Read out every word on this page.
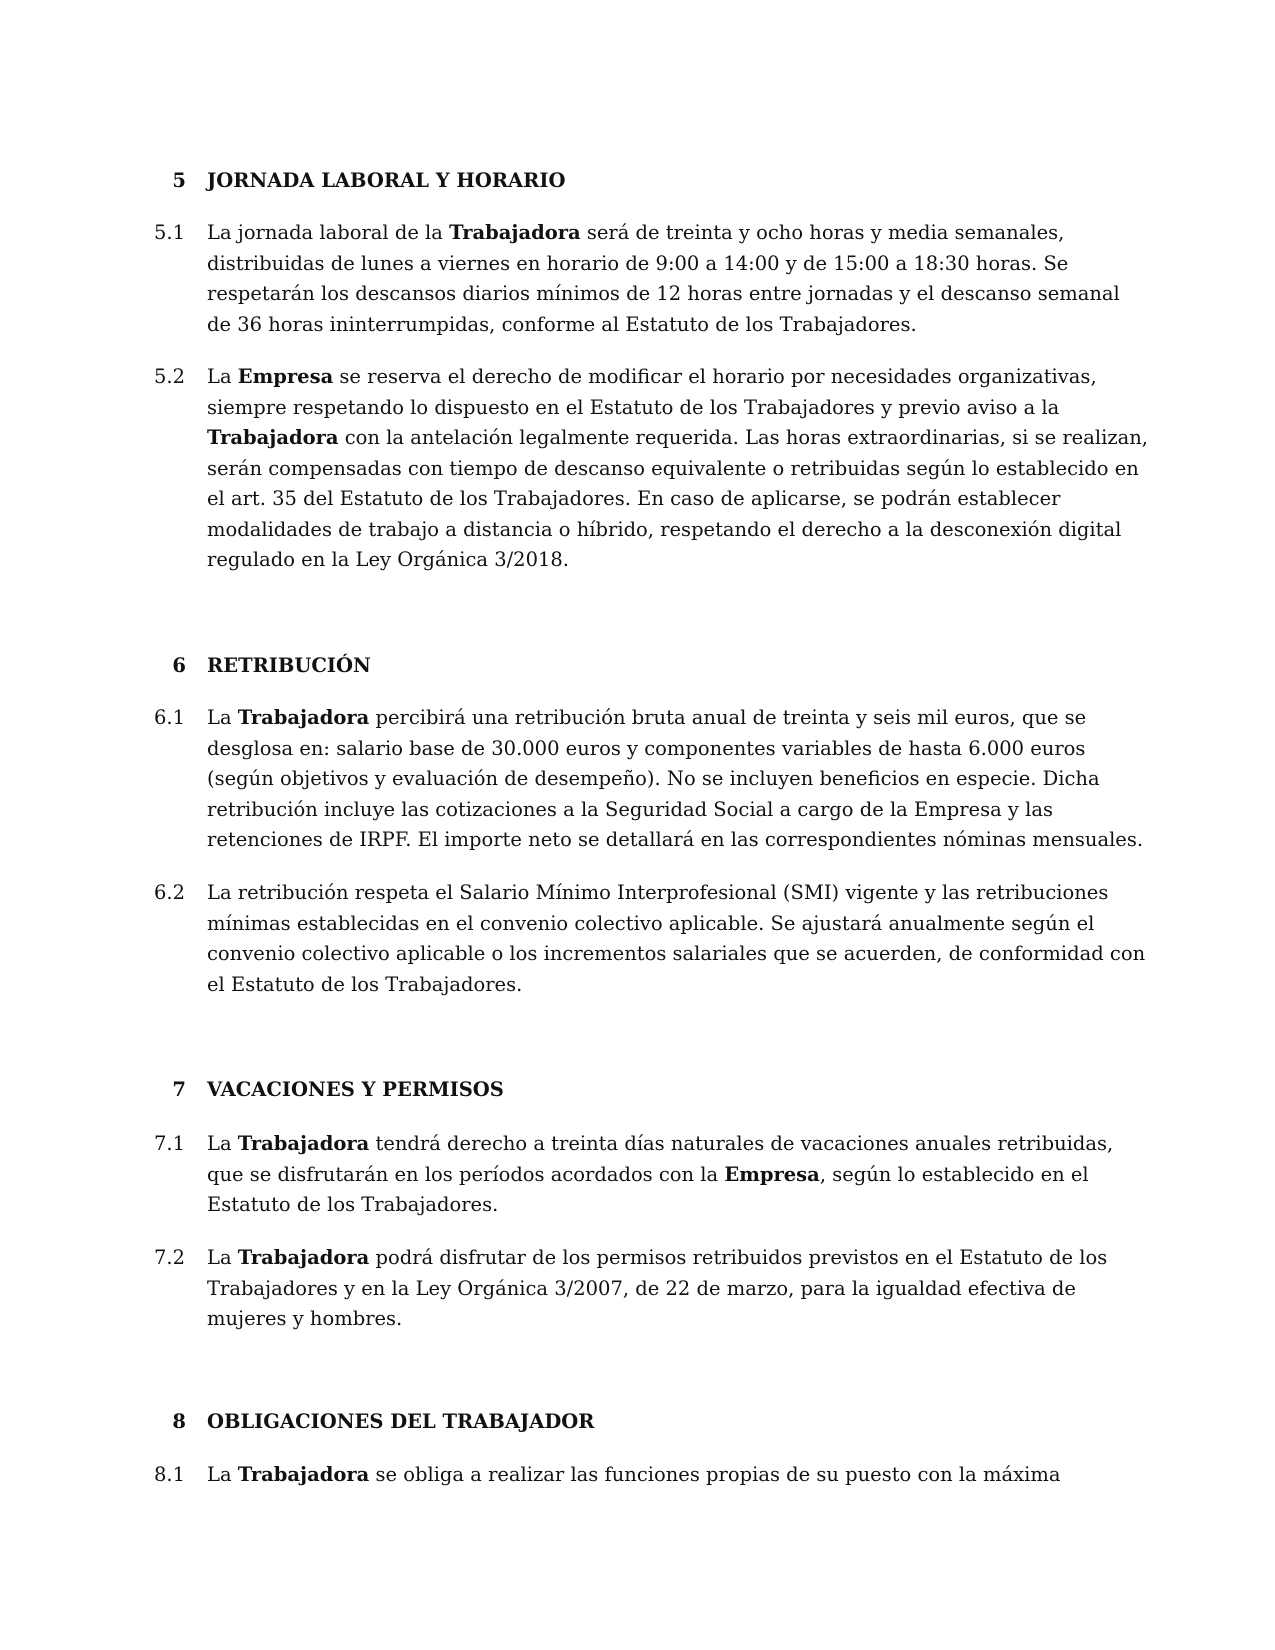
5 JORNADA LABORAL Y HORARIO
5.1	La jornada laboral de la Trabajadora será de treinta y ocho horas y media semanales,
distribuidas de lunes a viernes en horario de 9:00 a 14:00 y de 15:00 a 18:30 horas. Se
respetarán los descansos diarios mínimos de 12 horas entre jornadas y el descanso semanal
de 36 horas ininterrumpidas, conforme al Estatuto de los Trabajadores.
5.2	La Empresa se reserva el derecho de modificar el horario por necesidades organizativas,
siempre respetando lo dispuesto en el Estatuto de los Trabajadores y previo aviso a la
Trabajadora con la antelación legalmente requerida. Las horas extraordinarias, si se realizan,
serán compensadas con tiempo de descanso equivalente o retribuidas según lo establecido en
el art. 35 del Estatuto de los Trabajadores. En caso de aplicarse, se podrán establecer
modalidades de trabajo a distancia o híbrido, respetando el derecho a la desconexión digital
regulado en la Ley Orgánica 3/2018.
6 RETRIBUCIÓN
6.1	La Trabajadora percibirá una retribución bruta anual de treinta y seis mil euros, que se
desglosa en: salario base de 30.000 euros y componentes variables de hasta 6.000 euros
(según objetivos y evaluación de desempeño). No se incluyen beneficios en especie. Dicha
retribución incluye las cotizaciones a la Seguridad Social a cargo de la Empresa y las
retenciones de IRPF. El importe neto se detallará en las correspondientes nóminas mensuales.
6.2	La retribución respeta el Salario Mínimo Interprofesional (SMI) vigente y las retribuciones
mínimas establecidas en el convenio colectivo aplicable. Se ajustará anualmente según el
convenio colectivo aplicable o los incrementos salariales que se acuerden, de conformidad con
el Estatuto de los Trabajadores.
7 VACACIONES Y PERMISOS
7.1	La Trabajadora tendrá derecho a treinta días naturales de vacaciones anuales retribuidas,
que se disfrutarán en los períodos acordados con la Empresa, según lo establecido en el
Estatuto de los Trabajadores.
7.2	La Trabajadora podrá disfrutar de los permisos retribuidos previstos en el Estatuto de los
Trabajadores y en la Ley Orgánica 3/2007, de 22 de marzo, para la igualdad efectiva de
mujeres y hombres.
8 OBLIGACIONES DEL TRABAJADOR
8.1	La Trabajadora se obliga a realizar las funciones propias de su puesto con la máxima
